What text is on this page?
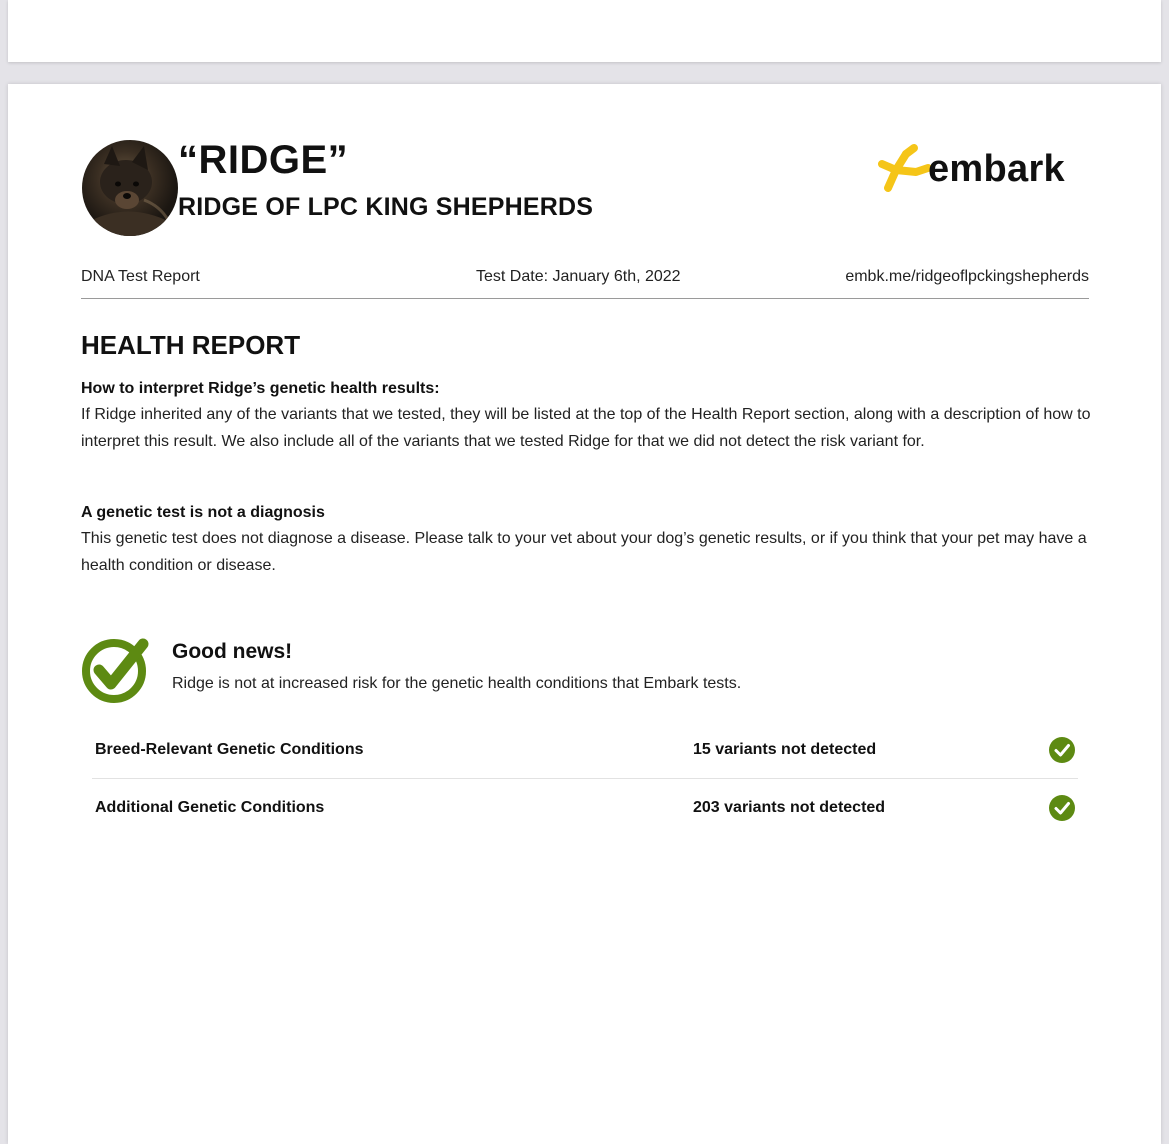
“RIDGE”
RIDGE OF LPC KING SHEPHERDS
embark
DNA Test Report	Test Date: January 6th, 2022	embk.me/ridgeoflpckingshepherds
HEALTH REPORT
How to interpret Ridge’s genetic health results:
If Ridge inherited any of the variants that we tested, they will be listed at the top of the Health Report section, along with a description of how to interpret this result. We also include all of the variants that we tested Ridge for that we did not detect the risk variant for.
A genetic test is not a diagnosis
This genetic test does not diagnose a disease. Please talk to your vet about your dog’s genetic results, or if you think that your pet may have a health condition or disease.
Good news!
Ridge is not at increased risk for the genetic health conditions that Embark tests.
Breed-Relevant Genetic Conditions	15 variants not detected
Additional Genetic Conditions	203 variants not detected
